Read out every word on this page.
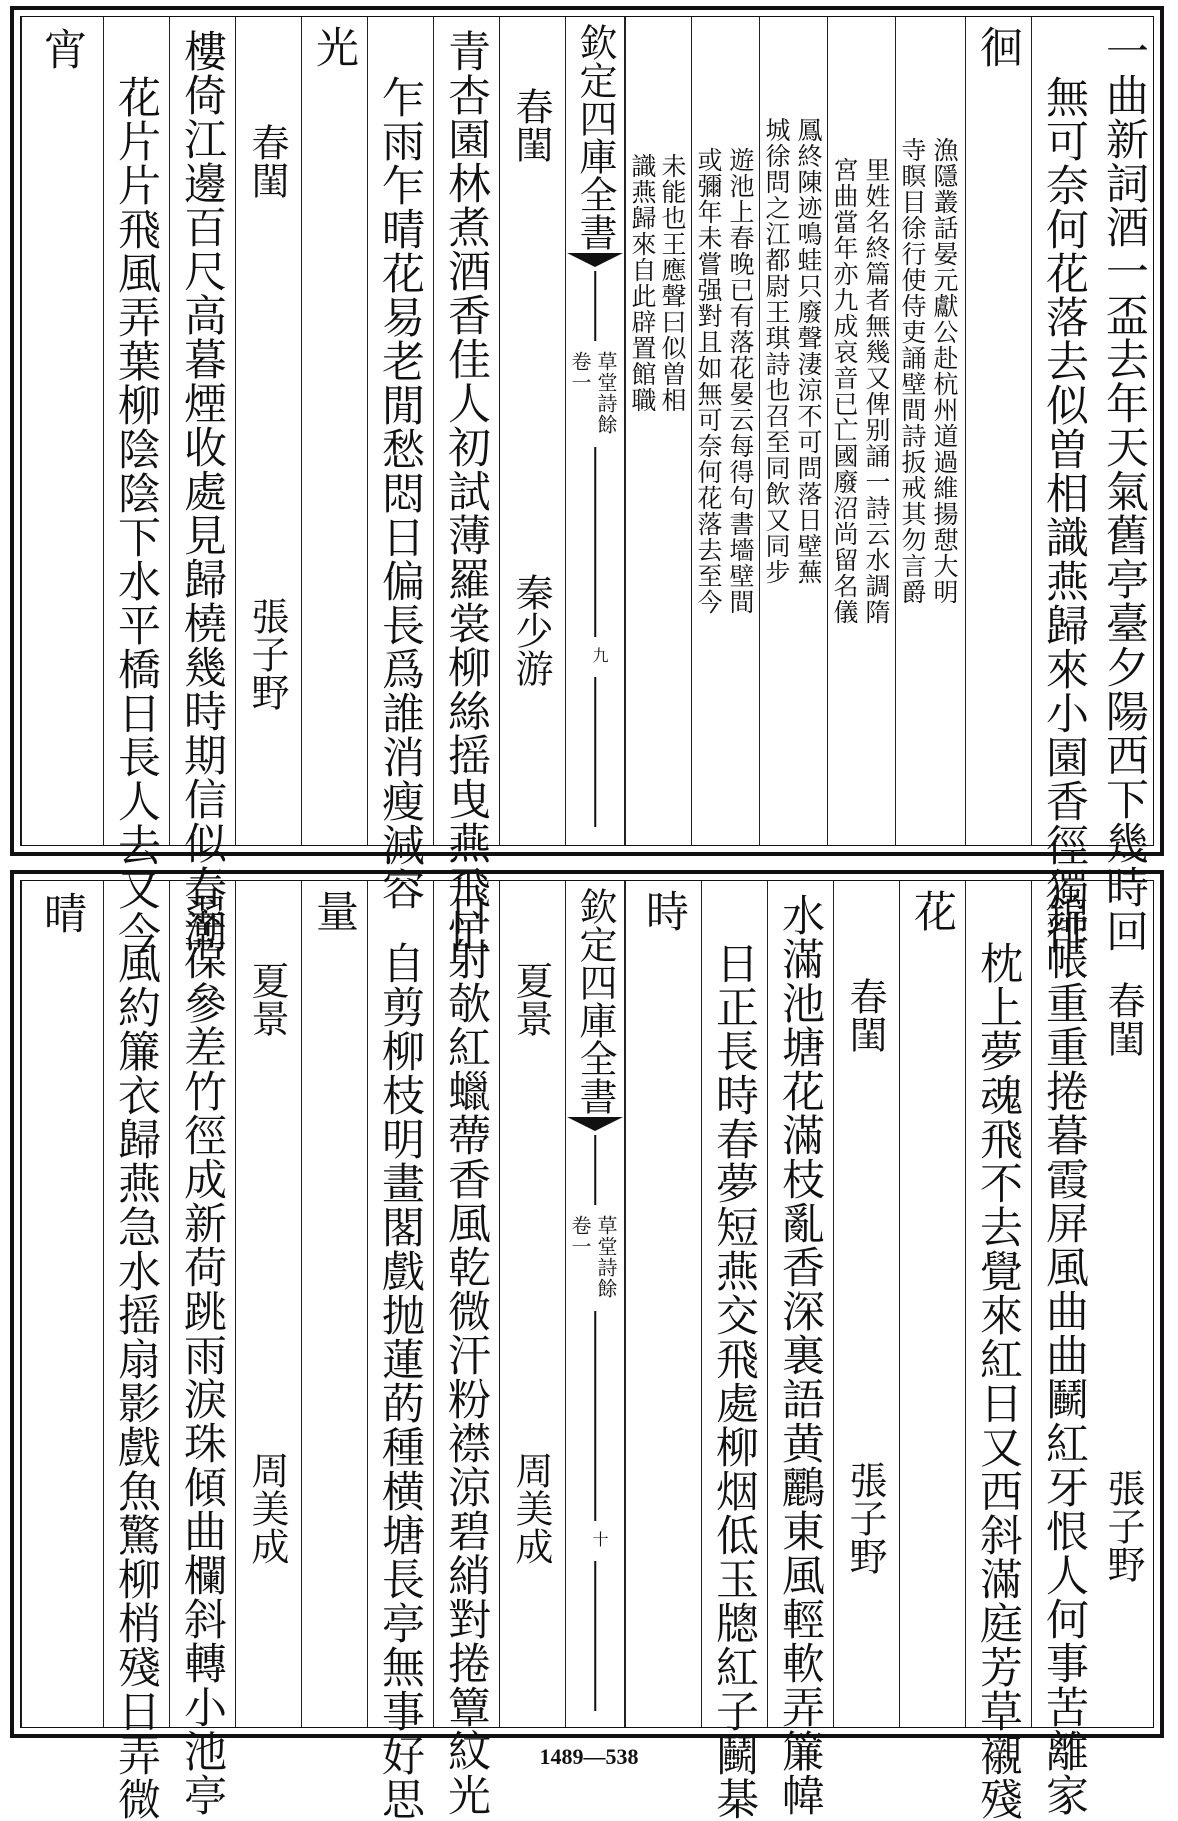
一曲新詞酒一盃去年天氣舊亭臺夕陽西下幾時回
無可奈何花落去似曽相識燕歸來小園香徑獨徘
徊
漁隱叢話晏元獻公赴杭州道過維揚憇大明
寺瞑目徐行使侍吏誦壁間詩扳戒其勿言爵
里姓名終篇者無幾又俾别誦一詩云水調隋
宮曲當年亦九成哀音已亡國廢沼尚留名儀
鳳終陳迹鳴蛙只廢聲淒涼不可問落日壁蕪
城徐問之江都尉王琪詩也召至同飲又同步
遊池上春晚已有落花晏云每得句書墻壁間
或彌年未嘗强對且如無可奈何花落去至今
未能也王應聲曰似曽相
識燕歸來自此辟置館職
欽定四庫全書
草堂詩餘
卷一
九
春閨
秦少游
青杏園林煮酒香佳人初試薄羅裳柳絲摇曳燕飛忙
乍雨乍晴花易老閒愁悶日偏長爲誰消瘦減容
光
春閨
張子野
樓倚江邊百尺高暮煙收處見歸橈幾時期信似春潮
花片片飛風弄葉柳陰陰下水平橋日長人去又今
宵
春閨
張子野
錦帳重重捲暮霞屏風曲曲鬭紅牙恨人何事苦離家
枕上夢魂飛不去覺來紅日又西斜滿庭芳草襯殘
花
春閨
張子野
水滿池塘花滿枝亂香深裏語黄鸝東風輕軟弄簾幃
日正長時春夢短燕交飛處柳烟低玉牕紅子鬭棊
時
欽定四庫全書
草堂詩餘
卷一
十
夏景
周美成
日射欹紅蠟蔕香風乾微汗粉襟涼碧綃對捲簟紋光
自剪柳枝明畫閣戲抛蓮菂種横塘長亭無事好思
量
夏景
周美成
翠葆參差竹徑成新荷跳雨淚珠傾曲欄斜轉小池亭
風約簾衣歸燕急水摇扇影戲魚驚柳梢殘日弄微
晴
1489—538
